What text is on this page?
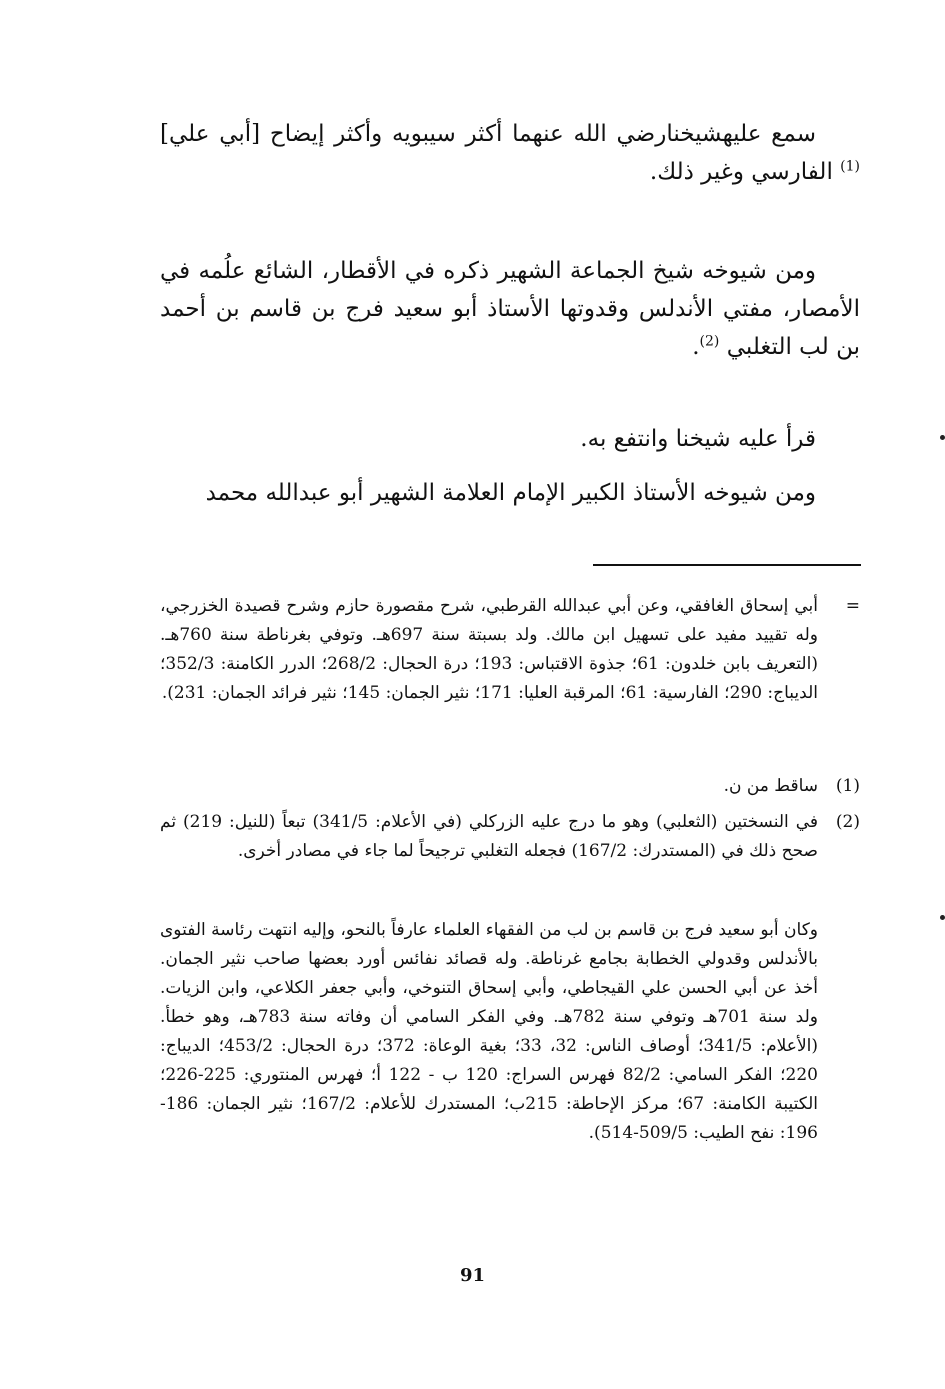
سمع عليهشيخنارضي الله عنهما أكثر سيبويه وأكثر إيضاح [أبي علي] $^{(1)}$ الفارسي وغير ذلك.
ومن شيوخه شيخ الجماعة الشهير ذكره في الأقطار، الشائع علُمه في الأمصار، مفتي الأندلس وقدوتها الأستاذ أبو سعيد فرج بن قاسم بن أحمد بن لب التغلبي $^{(2)}$.
قرأ عليه شيخنا وانتفع به.
ومن شيوخه الأستاذ الكبير الإمام العلامة الشهير أبو عبدالله محمد
=
أبي إسحاق الغافقي، وعن أبي عبدالله القرطبي، شرح مقصورة حازم وشرح قصيدة الخزرجي، وله تقييد مفيد على تسهيل ابن مالك. ولد بسبتة سنة 697هـ. وتوفي بغرناطة سنة 760هـ. (التعريف بابن خلدون: 61؛ جذوة الاقتباس: 193؛ درة الحجال: 268/2؛ الدرر الكامنة: 352/3؛ الديباج: 290؛ الفارسية: 61؛ المرقبة العليا: 171؛ نثير الجمان: 145؛ نثير فرائد الجمان: 231).
(1)
ساقط من ن.
(2)
في النسختين (الثعلبي) وهو ما درج عليه الزركلي (في الأعلام: 341/5) تبعاً (للنيل: 219) ثم صحح ذلك في (المستدرك: 167/2) فجعله التغلبي ترجيحاً لما جاء في مصادر أخرى.
وكان أبو سعيد فرج بن قاسم بن لب من الفقهاء العلماء عارفاً بالنحو، وإليه انتهت رئاسة الفتوى بالأندلس وقدولي الخطابة بجامع غرناطة. وله قصائد نفائس أورد بعضها صاحب نثير الجمان. أخذ عن أبي الحسن علي القيجاطي، وأبي إسحاق التنوخي، وأبي جعفر الكلاعي، وابن الزيات. ولد سنة 701هـ وتوفي سنة 782هـ. وفي الفكر السامي أن وفاته سنة 783هـ، وهو خطأ. (الأعلام: 341/5؛ أوصاف الناس: 32، 33؛ بغية الوعاة: 372؛ درة الحجال: 453/2؛ الديباج: 220؛ الفكر السامي: 82/2 فهرس السراج: 120 ب - 122 أ؛ فهرس المنتوري: 225-226؛ الكتيبة الكامنة: 67؛ مركز الإحاطة: 215ب؛ المستدرك للأعلام: 167/2؛ نثير الجمان: 186-196: نفح الطيب: 509/5-514).
91
